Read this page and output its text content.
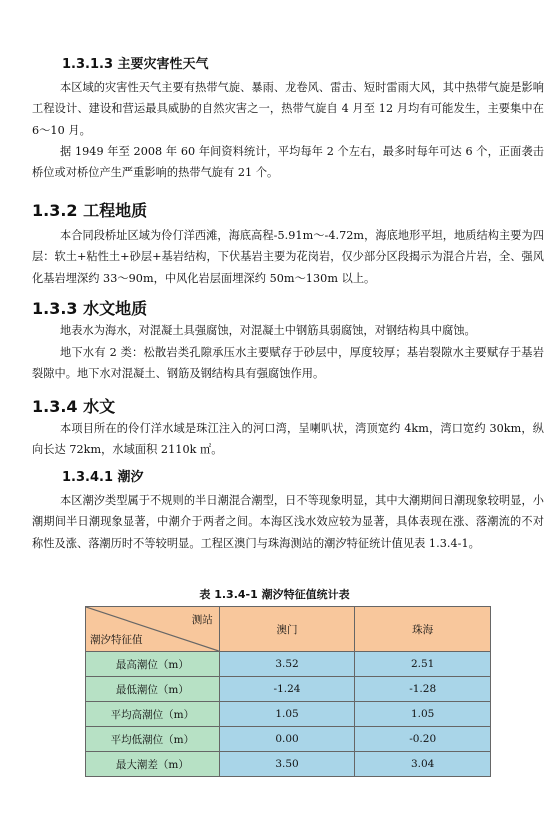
1.3.1.3 主要灾害性天气
本区域的灾害性天气主要有热带气旋、暴雨、龙卷风、雷击、短时雷雨大风，其中热带气旋是影响工程设计、建设和营运最具威胁的自然灾害之一，热带气旋自 4 月至 12 月均有可能发生，主要集中在 6～10 月。
据 1949 年至 2008 年 60 年间资料统计，平均每年 2 个左右，最多时每年可达 6 个，正面袭击桥位或对桥位产生严重影响的热带气旋有 21 个。
1.3.2 工程地质
本合同段桥址区域为伶仃洋西滩，海底高程-5.91m～-4.72m，海底地形平坦，地质结构主要为四层：软土+粘性土+砂层+基岩结构，下伏基岩主要为花岗岩，仅少部分区段揭示为混合片岩，全、强风化基岩埋深约 33～90m，中风化岩层面埋深约 50m～130m 以上。
1.3.3 水文地质
地表水为海水，对混凝土具强腐蚀，对混凝土中钢筋具弱腐蚀，对钢结构具中腐蚀。
地下水有 2 类：松散岩类孔隙承压水主要赋存于砂层中，厚度较厚；基岩裂隙水主要赋存于基岩裂隙中。地下水对混凝土、钢筋及钢结构具有强腐蚀作用。
1.3.4 水文
本项目所在的伶仃洋水域是珠江注入的河口湾，呈喇叭状，湾顶宽约 4km，湾口宽约 30km，纵向长达 72km，水域面积 2110k ㎡。
1.3.4.1 潮汐
本区潮汐类型属于不规则的半日潮混合潮型，日不等现象明显，其中大潮期间日潮现象较明显，小潮期间半日潮现象显著，中潮介于两者之间。本海区浅水效应较为显著，具体表现在涨、落潮流的不对称性及涨、落潮历时不等较明显。工程区澳门与珠海测站的潮汐特征统计值见表 1.3.4-1。
表 1.3.4-1 潮汐特征值统计表
测站
潮汐特征值	澳门	珠海
最高潮位（m）	3.52	2.51
最低潮位（m）	-1.24	-1.28
平均高潮位（m）	1.05	1.05
平均低潮位（m）	0.00	-0.20
最大潮差（m）	3.50	3.04
